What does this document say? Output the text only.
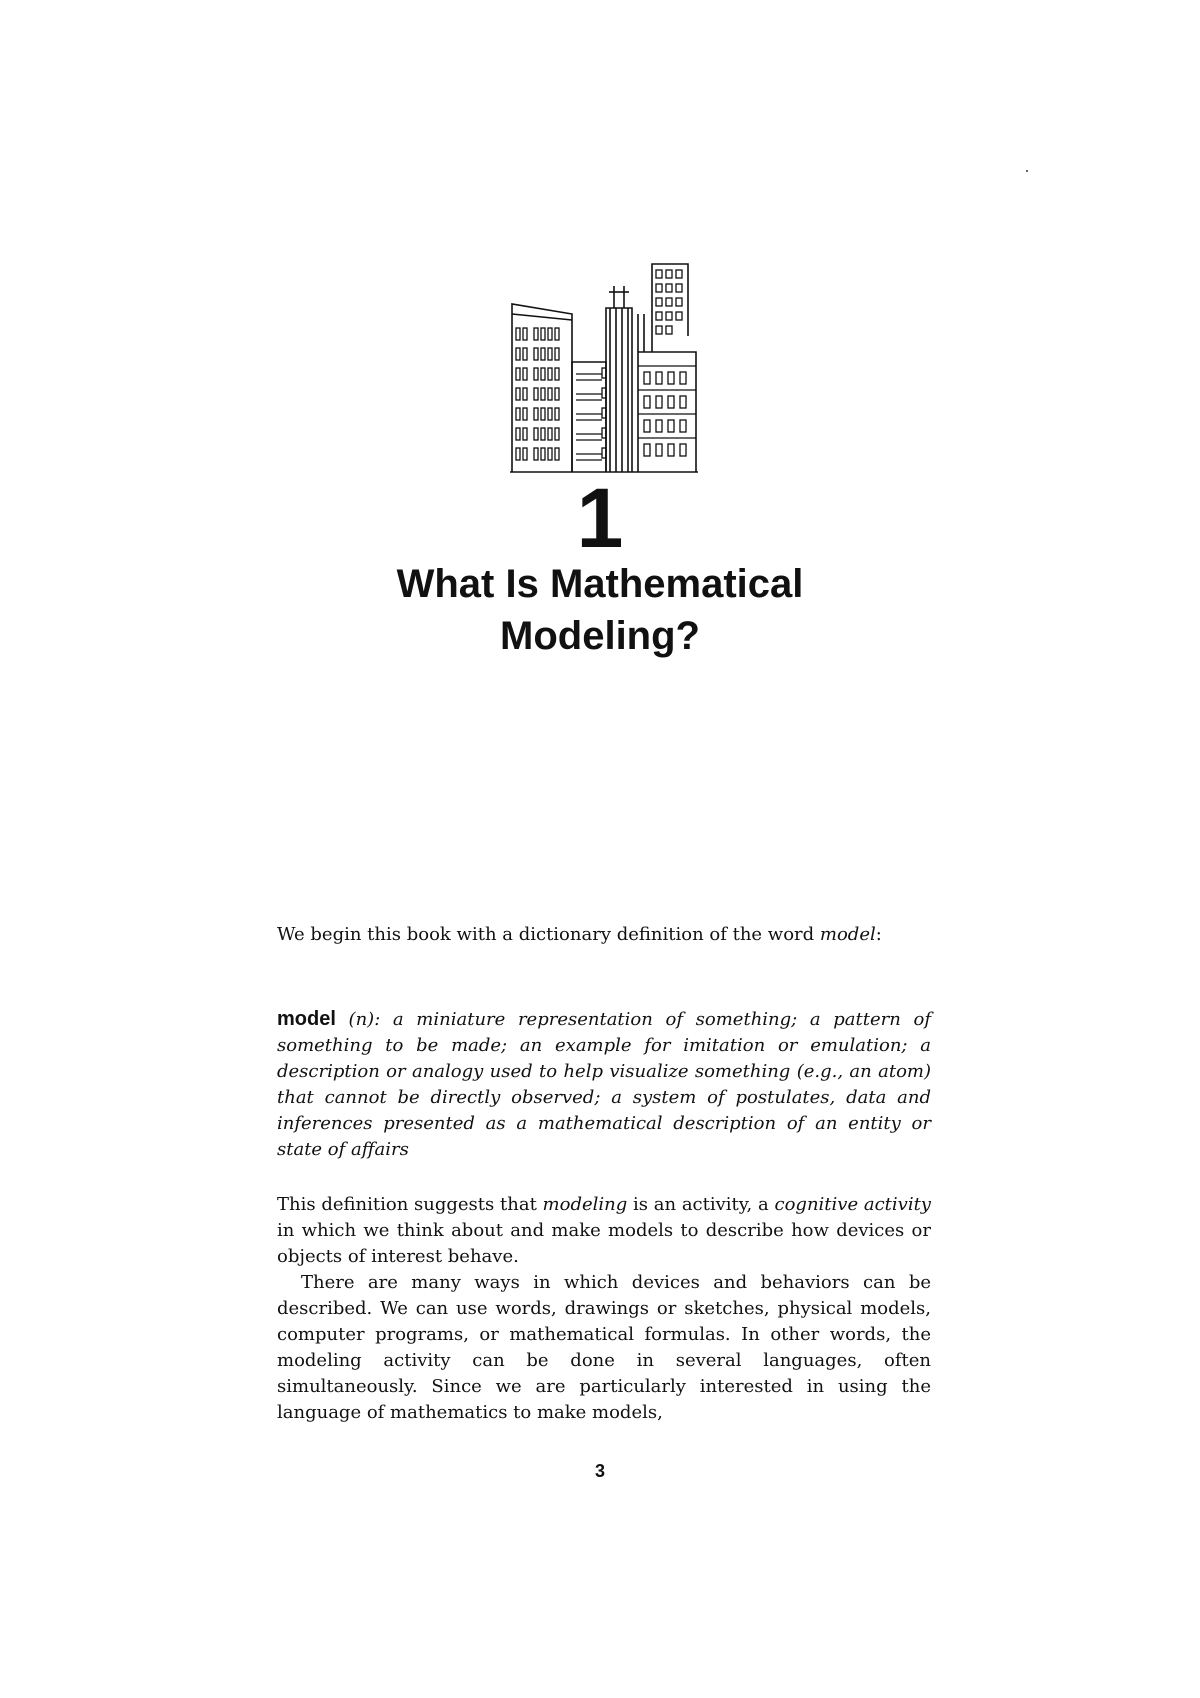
1
What Is Mathematical
Modeling?

We begin this book with a dictionary definition of the word model:

model (n): a miniature representation of something; a pattern of something to be made; an example for imitation or emulation; a description or analogy used to help visualize something (e.g., an atom) that cannot be directly observed; a system of postulates, data and inferences presented as a mathematical description of an entity or state of affairs

This definition suggests that modeling is an activity, a cognitive activity in which we think about and make models to describe how devices or objects of interest behave.

There are many ways in which devices and behaviors can be described. We can use words, drawings or sketches, physical models, computer programs, or mathematical formulas. In other words, the modeling activity can be done in several languages, often simultaneously. Since we are particularly interested in using the language of mathematics to make models,

3
